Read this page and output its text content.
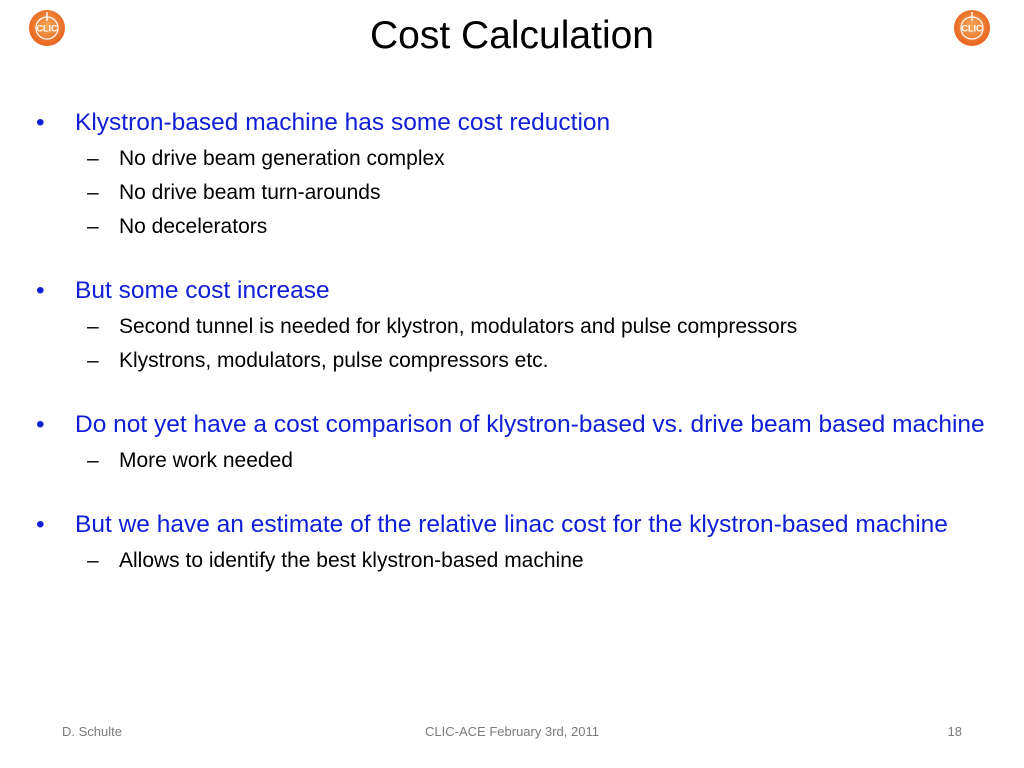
CLIC	CLIC
Cost Calculation
•	Klystron-based machine has some cost reduction
– No drive beam generation complex
– No drive beam turn-arounds
– No decelerators
•	But some cost increase
– Second tunnel is needed for klystron, modulators and pulse compressors
– Klystrons, modulators, pulse compressors etc.
•	Do not yet have a cost comparison of klystron-based vs. drive beam based machine
– More work needed
•	But we have an estimate of the relative linac cost for the klystron-based machine
– Allows to identify the best klystron-based machine
D. Schulte	CLIC-ACE February 3rd, 2011	18
